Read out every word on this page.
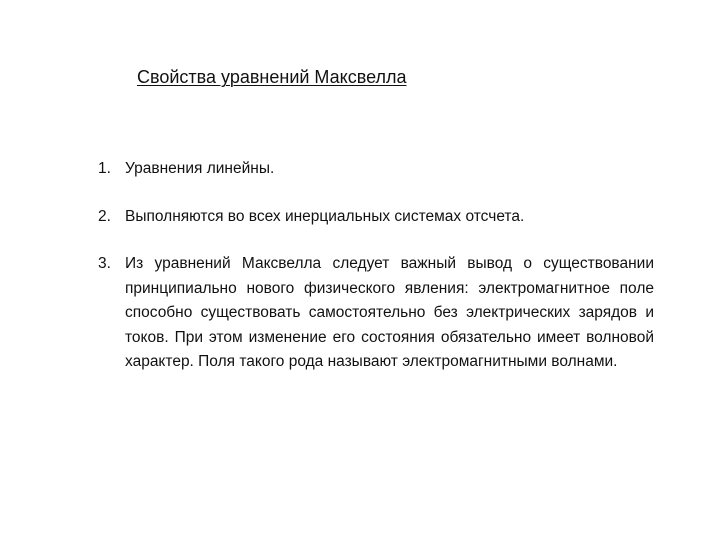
Свойства уравнений Максвелла
1. Уравнения линейны.
2. Выполняются во всех инерциальных системах отсчета.
3. Из уравнений Максвелла следует важный вывод о существовании принципиально нового физического явления: электромагнитное поле способно существовать самостоятельно без электрических зарядов и токов. При этом изменение его состояния обязательно имеет волновой характер. Поля такого рода называют электромагнитными волнами.
